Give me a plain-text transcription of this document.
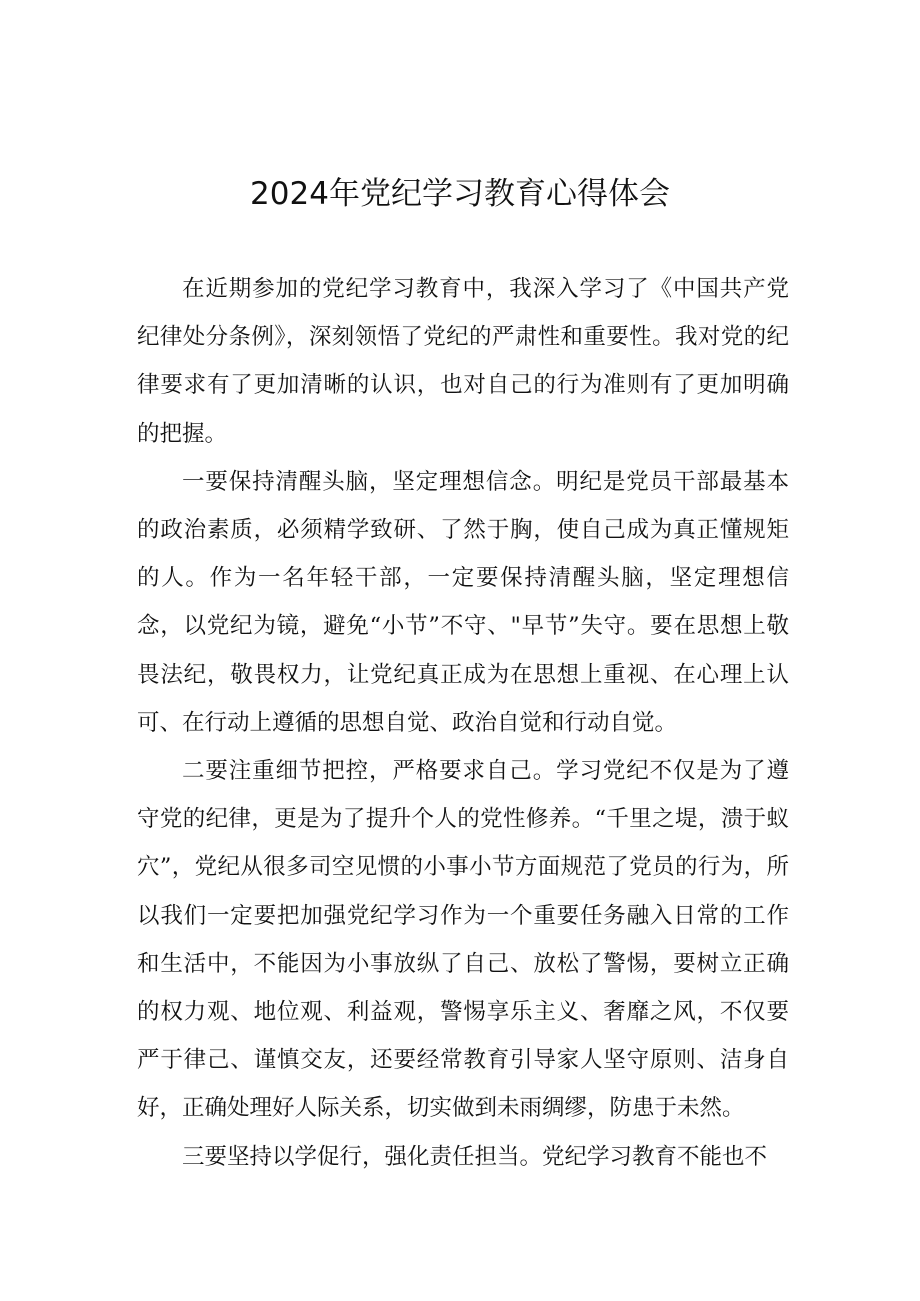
2024年党纪学习教育心得体会

在近期参加的党纪学习教育中，我深入学习了《中国共产党纪律处分条例》，深刻领悟了党纪的严肃性和重要性。我对党的纪律要求有了更加清晰的认识，也对自己的行为准则有了更加明确的把握。

一要保持清醒头脑，坚定理想信念。明纪是党员干部最基本的政治素质，必须精学致研、了然于胸，使自己成为真正懂规矩的人。作为一名年轻干部，一定要保持清醒头脑，坚定理想信念，以党纪为镜，避免“小节”不守、"早节”失守。要在思想上敬畏法纪，敬畏权力，让党纪真正成为在思想上重视、在心理上认可、在行动上遵循的思想自觉、政治自觉和行动自觉。

二要注重细节把控，严格要求自己。学习党纪不仅是为了遵守党的纪律，更是为了提升个人的党性修养。“千里之堤，溃于蚁穴”，党纪从很多司空见惯的小事小节方面规范了党员的行为，所以我们一定要把加强党纪学习作为一个重要任务融入日常的工作和生活中，不能因为小事放纵了自己、放松了警惕，要树立正确的权力观、地位观、利益观，警惕享乐主义、奢靡之风，不仅要严于律己、谨慎交友，还要经常教育引导家人坚守原则、洁身自好，正确处理好人际关系，切实做到未雨绸缪，防患于未然。

三要坚持以学促行，强化责任担当。党纪学习教育不能也不
